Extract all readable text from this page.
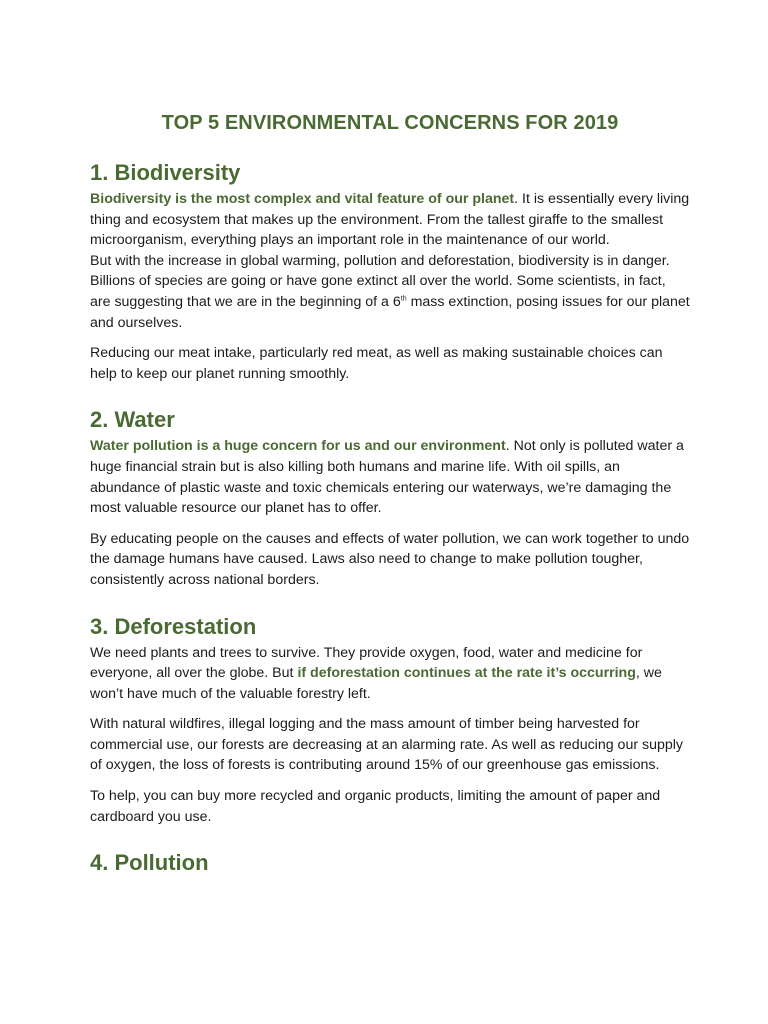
TOP 5 ENVIRONMENTAL CONCERNS FOR 2019
1. Biodiversity

Biodiversity is the most complex and vital feature of our planet. It is essentially every living thing and ecosystem that makes up the environment. From the tallest giraffe to the smallest microorganism, everything plays an important role in the maintenance of our world.

But with the increase in global warming, pollution and deforestation, biodiversity is in danger. Billions of species are going or have gone extinct all over the world. Some scientists, in fact, are suggesting that we are in the beginning of a 6th mass extinction, posing issues for our planet and ourselves.

Reducing our meat intake, particularly red meat, as well as making sustainable choices can help to keep our planet running smoothly.

2. Water

Water pollution is a huge concern for us and our environment. Not only is polluted water a huge financial strain but is also killing both humans and marine life. With oil spills, an abundance of plastic waste and toxic chemicals entering our waterways, we’re damaging the most valuable resource our planet has to offer.

By educating people on the causes and effects of water pollution, we can work together to undo the damage humans have caused. Laws also need to change to make pollution tougher, consistently across national borders.

3. Deforestation

We need plants and trees to survive. They provide oxygen, food, water and medicine for everyone, all over the globe. But if deforestation continues at the rate it’s occurring, we won’t have much of the valuable forestry left.

With natural wildfires, illegal logging and the mass amount of timber being harvested for commercial use, our forests are decreasing at an alarming rate. As well as reducing our supply of oxygen, the loss of forests is contributing around 15% of our greenhouse gas emissions.

To help, you can buy more recycled and organic products, limiting the amount of paper and cardboard you use.

4. Pollution
